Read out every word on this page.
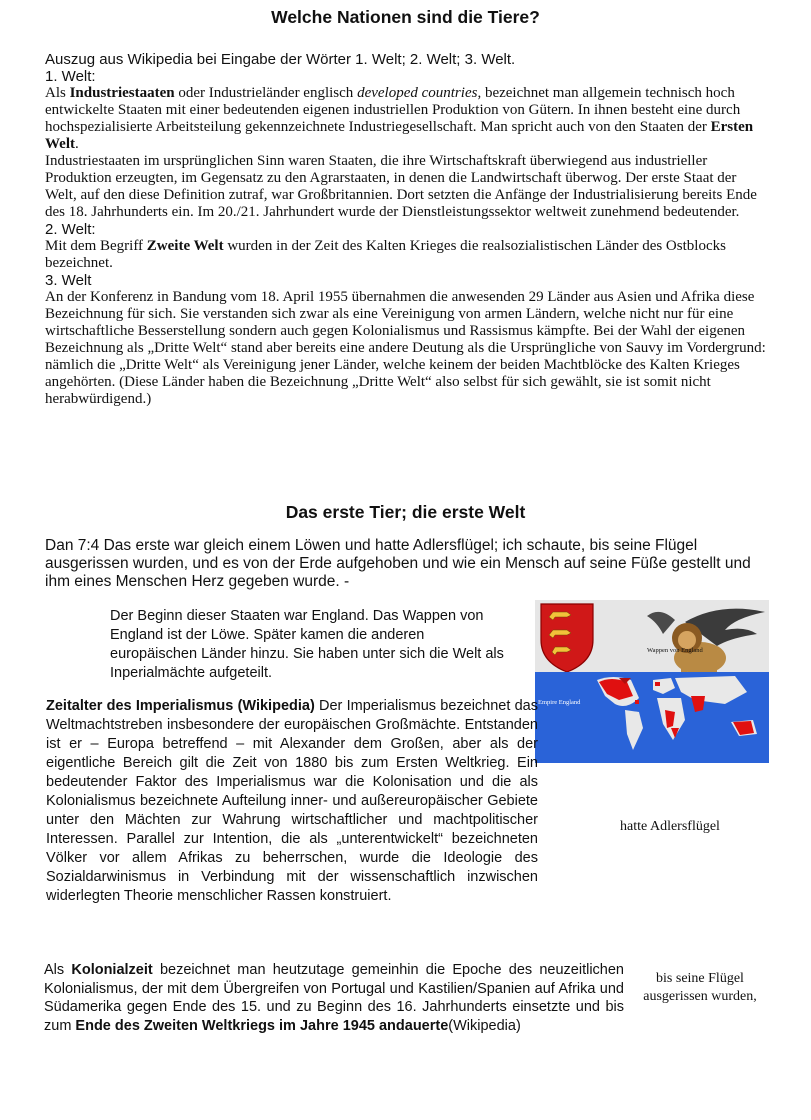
Welche Nationen sind die Tiere?
Auszug aus Wikipedia bei Eingabe der Wörter 1. Welt; 2. Welt; 3. Welt.

1. Welt:

Als Industriestaaten oder Industrieländer englisch developed countries, bezeichnet man allgemein technisch hoch entwickelte Staaten mit einer bedeutenden eigenen industriellen Produktion von Gütern. In ihnen besteht eine durch hochspezialisierte Arbeitsteilung gekennzeichnete Industriegesellschaft. Man spricht auch von den Staaten der Ersten Welt.

Industriestaaten im ursprünglichen Sinn waren Staaten, die ihre Wirtschaftskraft überwiegend aus industrieller Produktion erzeugten, im Gegensatz zu den Agrarstaaten, in denen die Landwirtschaft überwog. Der erste Staat der Welt, auf den diese Definition zutraf, war Großbritannien. Dort setzten die Anfänge der Industrialisierung bereits Ende des 18. Jahrhunderts ein. Im 20./21. Jahrhundert wurde der Dienstleistungssektor weltweit zunehmend bedeutender.

2. Welt:

Mit dem Begriff Zweite Welt wurden in der Zeit des Kalten Krieges die realsozialistischen Länder des Ostblocks bezeichnet.

3. Welt

An der Konferenz in Bandung vom 18. April 1955 übernahmen die anwesenden 29 Länder aus Asien und Afrika diese Bezeichnung für sich. Sie verstanden sich zwar als eine Vereinigung von armen Ländern, welche nicht nur für eine wirtschaftliche Besserstellung sondern auch gegen Kolonialismus und Rassismus kämpfte. Bei der Wahl der eigenen Bezeichnung als „Dritte Welt“ stand aber bereits eine andere Deutung als die Ursprüngliche von Sauvy im Vordergrund: nämlich die „Dritte Welt“ als Vereinigung jener Länder, welche keinem der beiden Machtblöcke des Kalten Krieges angehörten. (Diese Länder haben die Bezeichnung „Dritte Welt“ also selbst für sich gewählt, sie ist somit nicht herabwürdigend.)

Das erste Tier; die erste Welt
Dan 7:4 Das erste war gleich einem Löwen und hatte Adlersflügel; ich schaute, bis seine Flügel ausgerissen wurden, und es von der Erde aufgehoben und wie ein Mensch auf seine Füße gestellt und ihm eines Menschen Herz gegeben wurde. -
Der Beginn dieser Staaten war England. Das Wappen von England ist der Löwe. Später kamen die anderen europäischen Länder hinzu. Sie haben unter sich die Welt als Inperialmächte aufgeteilt.
Wappen von England
Empire England
Zeitalter des Imperialismus (Wikipedia) Der Imperialismus bezeichnet das Weltmachtstreben insbesondere der europäischen Großmächte. Entstanden ist er – Europa betreffend – mit Alexander dem Großen, aber als der eigentliche Bereich gilt die Zeit von 1880 bis zum Ersten Weltkrieg. Ein bedeutender Faktor des Imperialismus war die Kolonisation und die als Kolonialismus bezeichnete Aufteilung inner- und außereuropäischer Gebiete unter den Mächten zur Wahrung wirtschaftlicher und machtpolitischer Interessen. Parallel zur Intention, die als „unterentwickelt“ bezeichneten Völker vor allem Afrikas zu beherrschen, wurde die Ideologie des Sozialdarwinismus in Verbindung mit der wissenschaftlich inzwischen widerlegten Theorie menschlicher Rassen konstruiert.
hatte Adlersflügel
Als Kolonialzeit bezeichnet man heutzutage gemeinhin die Epoche des neuzeitlichen Kolonialismus, der mit dem Übergreifen von Portugal und Kastilien/Spanien auf Afrika und Südamerika gegen Ende des 15. und zu Beginn des 16. Jahrhunderts einsetzte und bis zum Ende des Zweiten Weltkriegs im Jahre 1945 andauerte(Wikipedia)
bis seine Flügel ausgerissen wurden,
